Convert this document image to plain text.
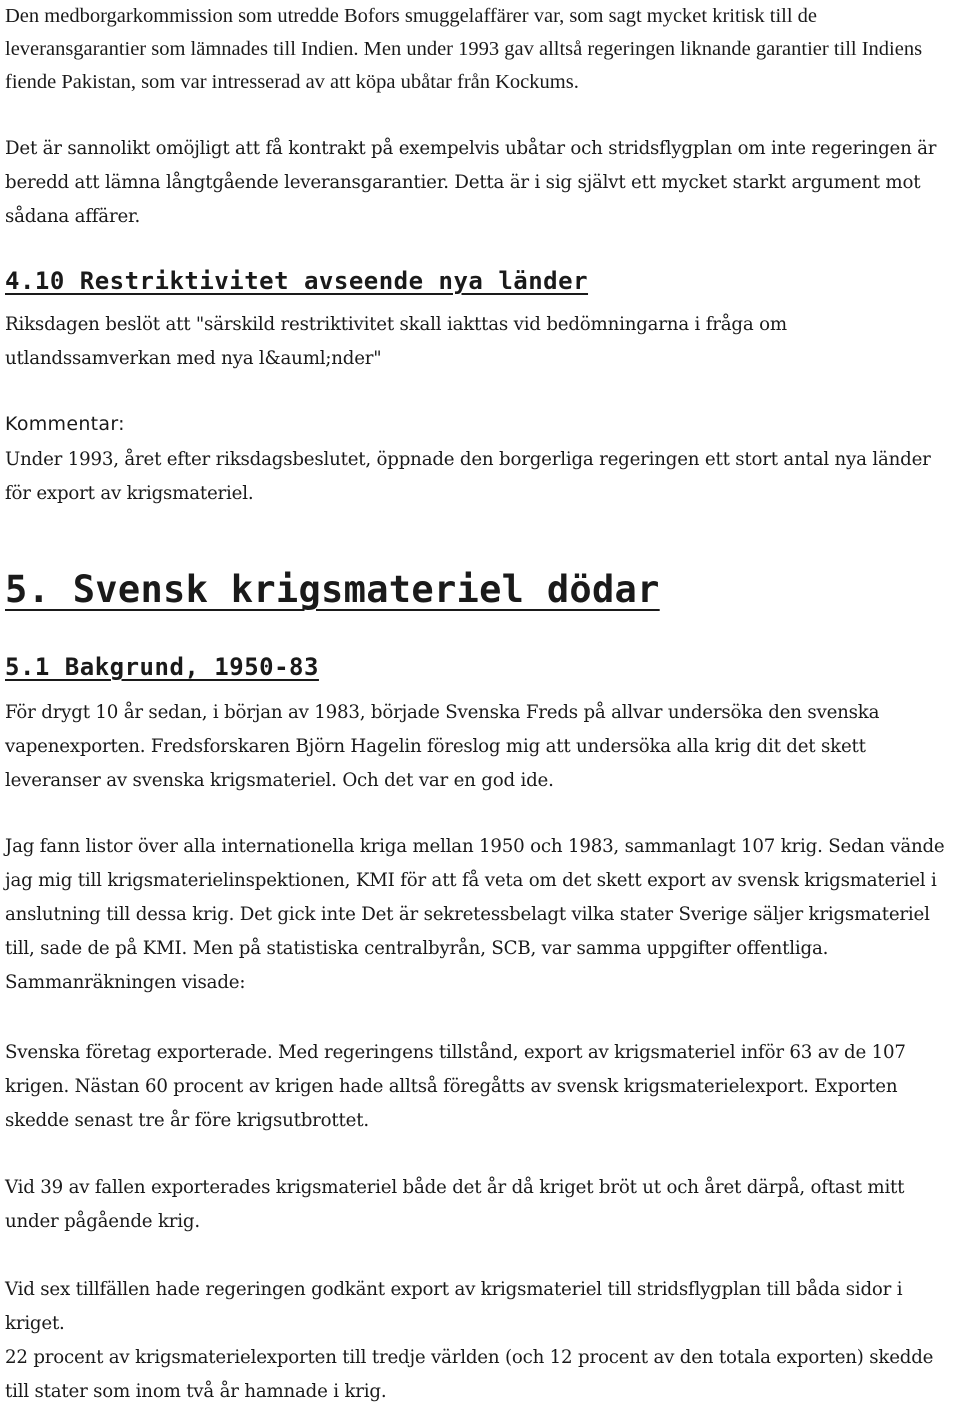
Den medborgarkommission som utredde Bofors smuggelaffärer var, som sagt mycket kritisk till de leveransgarantier som lämnades till Indien. Men under 1993 gav alltså regeringen liknande garantier till Indiens fiende Pakistan, som var intresserad av att köpa ubåtar från Kockums.

Det är sannolikt omöjligt att få kontrakt på exempelvis ubåtar och stridsflygplan om inte regeringen är beredd att lämna långtgående leveransgarantier. Detta är i sig självt ett mycket starkt argument mot sådana affärer.

4.10 Restriktivitet avseende nya länder

Riksdagen beslöt att "särskild restriktivitet skall iakttas vid bedömningarna i fråga om utlandssamverkan med nya l&auml;nder"

Kommentar:

Under 1993, året efter riksdagsbeslutet, öppnade den borgerliga regeringen ett stort antal nya länder för export av krigsmateriel.

5. Svensk krigsmateriel dödar
5.1 Bakgrund, 1950-83

För drygt 10 år sedan, i början av 1983, började Svenska Freds på allvar undersöka den svenska vapenexporten. Fredsforskaren Björn Hagelin föreslog mig att undersöka alla krig dit det skett leveranser av svenska krigsmateriel. Och det var en god ide.

Jag fann listor över alla internationella kriga mellan 1950 och 1983, sammanlagt 107 krig. Sedan vände jag mig till krigsmaterielinspektionen, KMI för att få veta om det skett export av svensk krigsmateriel i anslutning till dessa krig. Det gick inte Det är sekretessbelagt vilka stater Sverige säljer krigsmateriel till, sade de på KMI. Men på statistiska centralbyrån, SCB, var samma uppgifter offentliga. Sammanräkningen visade:

Svenska företag exporterade. Med regeringens tillstånd, export av krigsmateriel inför 63 av de 107 krigen. Nästan 60 procent av krigen hade alltså föregåtts av svensk krigsmaterielexport. Exporten skedde senast tre år före krigsutbrottet.

Vid 39 av fallen exporterades krigsmateriel både det år då kriget bröt ut och året därpå, oftast mitt under pågående krig.

Vid sex tillfällen hade regeringen godkänt export av krigsmateriel till stridsflygplan till båda sidor i kriget.

22 procent av krigsmaterielexporten till tredje världen (och 12 procent av den totala exporten) skedde till stater som inom två år hamnade i krig.
